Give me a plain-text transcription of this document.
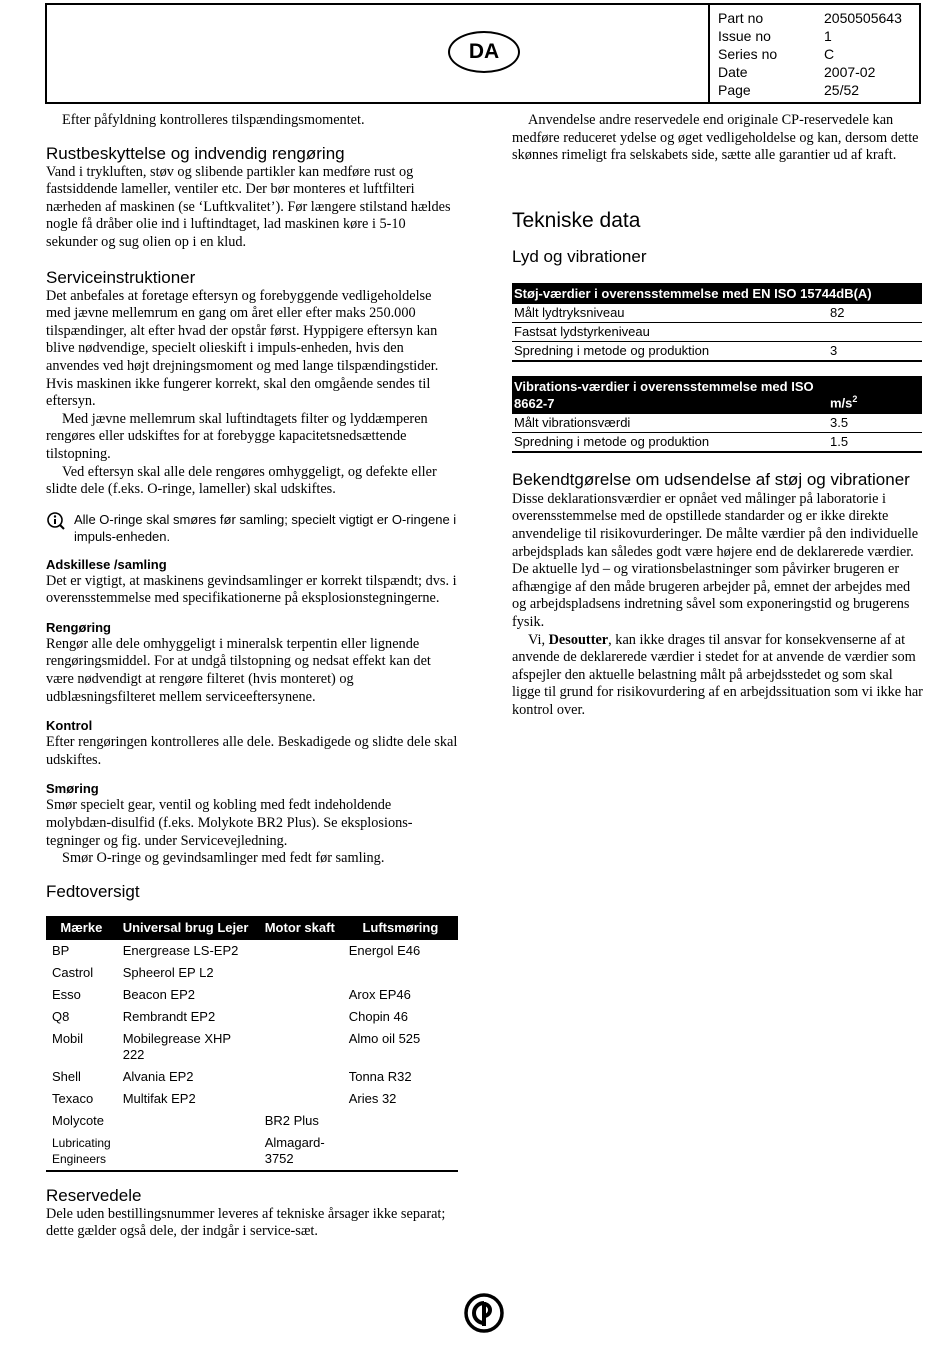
DA
Part no	2050505643
Issue no	1
Series no	C
Date	2007-02
Page	25/52

Efter påfyldning kontrolleres tilspændingsmomentet.

Rustbeskyttelse og indvendig rengøring

Vand i trykluften, støv og slibende partikler kan medføre rust og fastsiddende lameller, ventiler etc. Der bør monteres et luftfilteri nærheden af maskinen (se ‘Luftkvalitet’). Før længere stilstand hældes nogle få dråber olie ind i luftindtaget, lad maskinen køre i 5-10 sekunder og sug olien op i en klud.

Serviceinstruktioner

Det anbefales at foretage eftersyn og forebyggende vedligeholdelse med jævne mellemrum en gang om året eller efter maks 250.000 tilspændinger, alt efter hvad der opstår først. Hyppigere eftersyn kan blive nødvendige, specielt olieskift i impuls-enheden, hvis den anvendes ved højt drejningsmoment og med lange tilspændingstider. Hvis maskinen ikke fungerer korrekt, skal den omgående sendes til eftersyn.

Med jævne mellemrum skal luftindtagets filter og lyddæmperen rengøres eller udskiftes for at forebygge kapacitetsnedsættende tilstopning.

Ved eftersyn skal alle dele rengøres omhyggeligt, og defekte eller slidte dele (f.eks. O-ringe, lameller) skal udskiftes.

Alle O-ringe skal smøres før samling; specielt vigtigt er O-ringene i impuls-enheden.
Adskillese /samling

Det er vigtigt, at maskinens gevindsamlinger er korrekt tilspændt; dvs. i overensstemmelse med specifikationerne på eksplosionstegningerne.

Rengøring

Rengør alle dele omhyggeligt i mineralsk terpentin eller lignende rengøringsmiddel. For at undgå tilstopning og nedsat effekt kan det være nødvendigt at rengøre filteret (hvis monteret) og udblæsningsfilteret mellem serviceeftersynene.

Kontrol

Efter rengøringen kontrolleres alle dele. Beskadigede og slidte dele skal udskiftes.

Smøring

Smør specielt gear, ventil og kobling med fedt indeholdende molybdæn-disulfid (f.eks. Molykote BR2 Plus). Se eksplosions-tegninger og fig. under Servicevejledning.

Smør O-ringe og gevindsamlinger med fedt før samling.

Fedtoversigt
Mærke	Universal brug Lejer	Motor skaft	Luftsmøring
BP	Energrease LS-EP2		Energol E46
Castrol	Spheerol EP L2		
Esso	Beacon EP2		Arox EP46
Q8	Rembrandt EP2		Chopin 46
Mobil	Mobilegrease XHP 222		Almo oil 525
Shell	Alvania EP2		Tonna R32
Texaco	Multifak EP2		Aries 32
Molycote		BR2 Plus	
Lubricating Engineers		Almagard-3752	
Reservedele

Dele uden bestillingsnummer leveres af tekniske årsager ikke separat; dette gælder også dele, der indgår i service-sæt.

Anvendelse andre reservedele end originale CP-reservedele kan medføre reduceret ydelse og øget vedligeholdelse og kan, dersom dette skønnes rimeligt fra selskabets side, sætte alle garantier ud af kraft.

Tekniske data
Lyd og vibrationer
Støj-værdier i overensstemmelse med EN ISO 15744dB(A)	
Målt lydtryksniveau	82
Fastsat lydstyrkeniveau	
Spredning i metode og produktion	3
Vibrations-værdier i overensstemmelse med ISO 8662-7	$m/s^2$
Målt vibrationsværdi	3.5
Spredning i metode og produktion	1.5
Bekendtgørelse om udsendelse af støj og vibrationer

Disse deklarationsværdier er opnået ved målinger på laboratorie i overensstemmelse med de opstillede standarder og er ikke direkte anvendelige til risikovurderinger. De målte værdier på den individuelle arbejdsplads kan således godt være højere end de deklarerede værdier. De aktuelle lyd – og virationsbelastninger som påvirker brugeren er afhængige af den måde brugeren arbejder på, emnet der arbejdes med og arbejdspladsens indretning såvel som exponeringstid og brugerens fysik.

Vi, Desoutter, kan ikke drages til ansvar for konsekvenserne af at anvende de deklarerede værdier i stedet for at anvende de værdier som afspejler den aktuelle belastning målt på arbejdsstedet og som skal ligge til grund for risikovurdering af en arbejdssituation som vi ikke har kontrol over.
